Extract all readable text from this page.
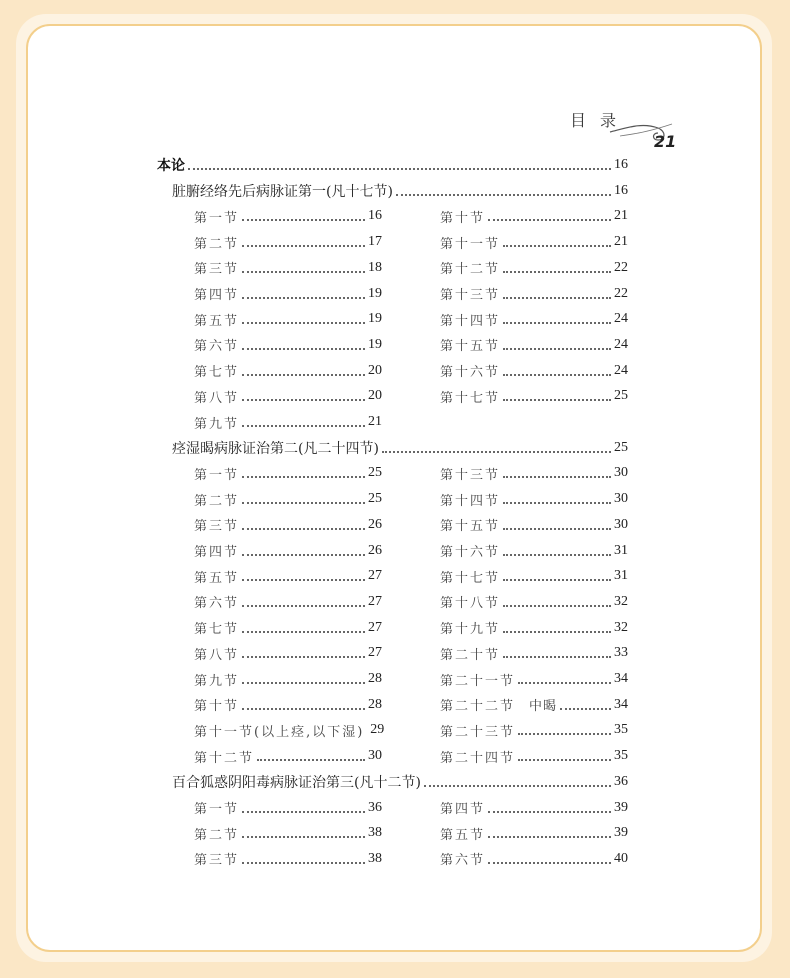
目录
21
本论	16
脏腑经络先后病脉证第一(凡十七节)	16
第一节	16	第十节	21
第二节	17	第十一节	21
第三节	18	第十二节	22
第四节	19	第十三节	22
第五节	19	第十四节	24
第六节	19	第十五节	24
第七节	20	第十六节	24
第八节	20	第十七节	25
第九节	21
痉湿暍病脉证治第二(凡二十四节)	25
第一节	25	第十三节	30
第二节	25	第十四节	30
第三节	26	第十五节	30
第四节	26	第十六节	31
第五节	27	第十七节	31
第六节	27	第十八节	32
第七节	27	第十九节	32
第八节	27	第二十节	33
第九节	28	第二十一节	34
第十节	28	第二十二节 中暍	34
第十一节(以上痉,以下湿) 29	第二十三节	35
第十二节	30	第二十四节	35
百合狐惑阴阳毒病脉证治第三(凡十二节)	36
第一节	36	第四节	39
第二节	38	第五节	39
第三节	38	第六节	40
